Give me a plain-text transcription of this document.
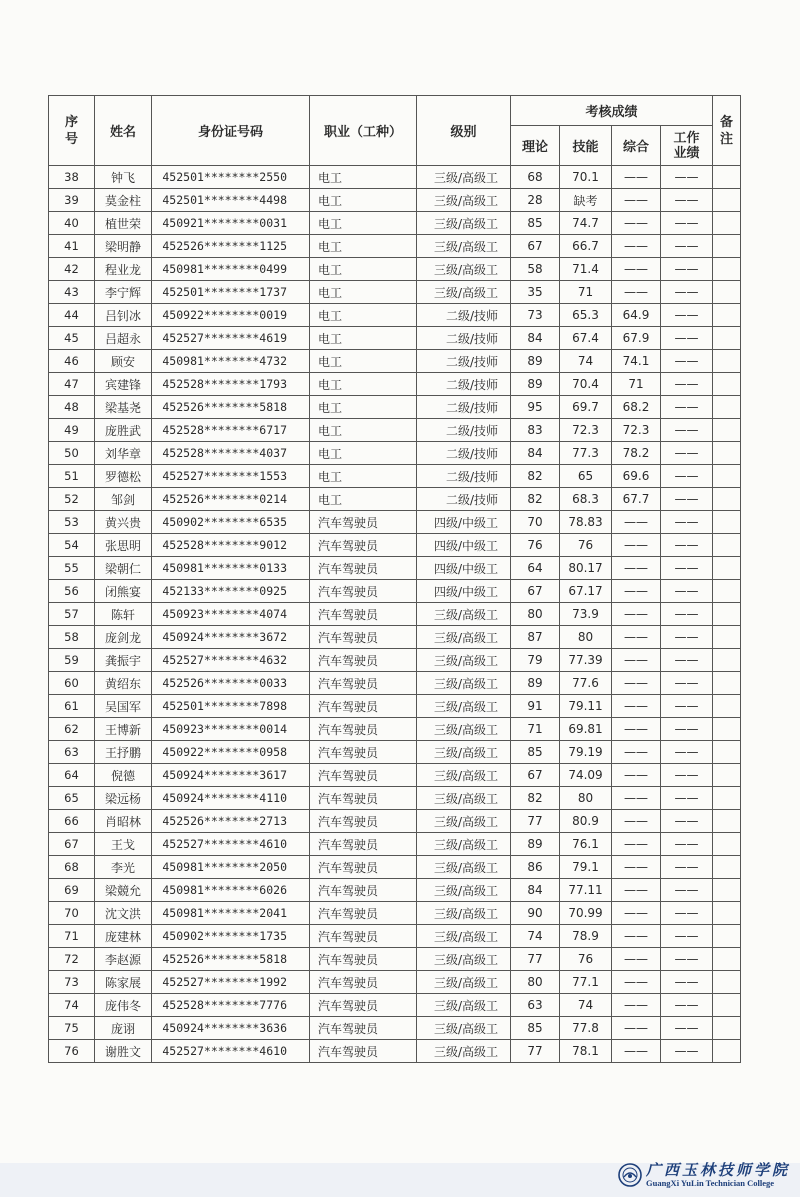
序号	姓名	身份证号码	职业（工种）	级别	考核成绩				备注
					理论	技能	综合	工作业绩	
38	钟飞	452501********2550	电工	三级/高级工	68	70.1	——	——	
39	莫金柱	452501********4498	电工	三级/高级工	28	缺考	——	——	
40	植世荣	450921********0031	电工	三级/高级工	85	74.7	——	——	
41	梁明静	452526********1125	电工	三级/高级工	67	66.7	——	——	
42	程业龙	450981********0499	电工	三级/高级工	58	71.4	——	——	
43	李宁辉	452501********1737	电工	三级/高级工	35	71	——	——	
44	吕钊冰	450922********0019	电工	二级/技师	73	65.3	64.9	——	
45	吕超永	452527********4619	电工	二级/技师	84	67.4	67.9	——	
46	顾安	450981********4732	电工	二级/技师	89	74	74.1	——	
47	宾建锋	452528********1793	电工	二级/技师	89	70.4	71	——	
48	梁基尧	452526********5818	电工	二级/技师	95	69.7	68.2	——	
49	庞胜武	452528********6717	电工	二级/技师	83	72.3	72.3	——	
50	刘华章	452528********4037	电工	二级/技师	84	77.3	78.2	——	
51	罗德松	452527********1553	电工	二级/技师	82	65	69.6	——	
52	邹剑	452526********0214	电工	二级/技师	82	68.3	67.7	——	
53	黄兴贵	450902********6535	汽车驾驶员	四级/中级工	70	78.83	——	——	
54	张思明	452528********9012	汽车驾驶员	四级/中级工	76	76	——	——	
55	梁朝仁	450981********0133	汽车驾驶员	四级/中级工	64	80.17	——	——	
56	闭熊宴	452133********0925	汽车驾驶员	四级/中级工	67	67.17	——	——	
57	陈轩	450923********4074	汽车驾驶员	三级/高级工	80	73.9	——	——	
58	庞剑龙	450924********3672	汽车驾驶员	三级/高级工	87	80	——	——	
59	龚振宇	452527********4632	汽车驾驶员	三级/高级工	79	77.39	——	——	
60	黄绍东	452526********0033	汽车驾驶员	三级/高级工	89	77.6	——	——	
61	吴国军	452501********7898	汽车驾驶员	三级/高级工	91	79.11	——	——	
62	王博新	450923********0014	汽车驾驶员	三级/高级工	71	69.81	——	——	
63	王抒鹏	450922********0958	汽车驾驶员	三级/高级工	85	79.19	——	——	
64	倪德	450924********3617	汽车驾驶员	三级/高级工	67	74.09	——	——	
65	梁远杨	450924********4110	汽车驾驶员	三级/高级工	82	80	——	——	
66	肖昭林	452526********2713	汽车驾驶员	三级/高级工	77	80.9	——	——	
67	王戈	452527********4610	汽车驾驶员	三级/高级工	89	76.1	——	——	
68	李光	450981********2050	汽车驾驶员	三级/高级工	86	79.1	——	——	
69	梁競允	450981********6026	汽车驾驶员	三级/高级工	84	77.11	——	——	
70	沈文洪	450981********2041	汽车驾驶员	三级/高级工	90	70.99	——	——	
71	庞建林	450902********1735	汽车驾驶员	三级/高级工	74	78.9	——	——	
72	李赵源	452526********5818	汽车驾驶员	三级/高级工	77	76	——	——	
73	陈家展	452527********1992	汽车驾驶员	三级/高级工	80	77.1	——	——	
74	庞伟冬	452528********7776	汽车驾驶员	三级/高级工	63	74	——	——	
75	庞诩	450924********3636	汽车驾驶员	三级/高级工	85	77.8	——	——	
76	谢胜文	452527********4610	汽车驾驶员	三级/高级工	77	78.1	——	——	
广西玉林技师学院
GuangXi YuLin Technician College
